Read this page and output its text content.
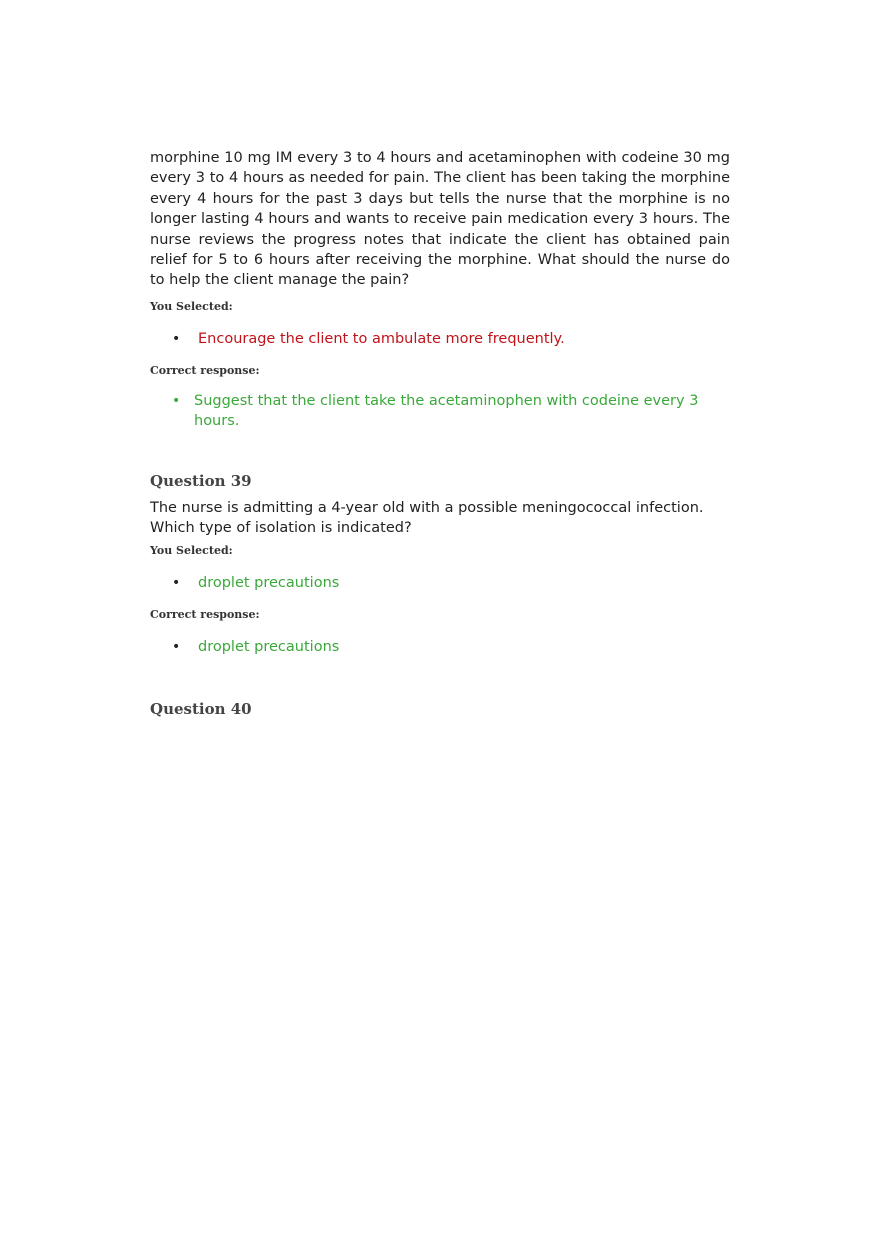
morphine 10 mg IM every 3 to 4 hours and acetaminophen with codeine 30 mg every 3 to 4 hours as needed for pain. The client has been taking the morphine every 4 hours for the past 3 days but tells the nurse that the morphine is no longer lasting 4 hours and wants to receive pain medication every 3 hours. The nurse reviews the progress notes that indicate the client has obtained pain relief for 5 to 6 hours after receiving the morphine. What should the nurse do to help the client manage the pain?

You Selected:

•	Encourage the client to ambulate more frequently.

Correct response:

• Suggest that the client take the acetaminophen with codeine every 3 hours.

Question 39

The nurse is admitting a 4-year old with a possible meningococcal infection. Which type of isolation is indicated?

You Selected:

•	droplet precautions

Correct response:

•	droplet precautions

Question 40
